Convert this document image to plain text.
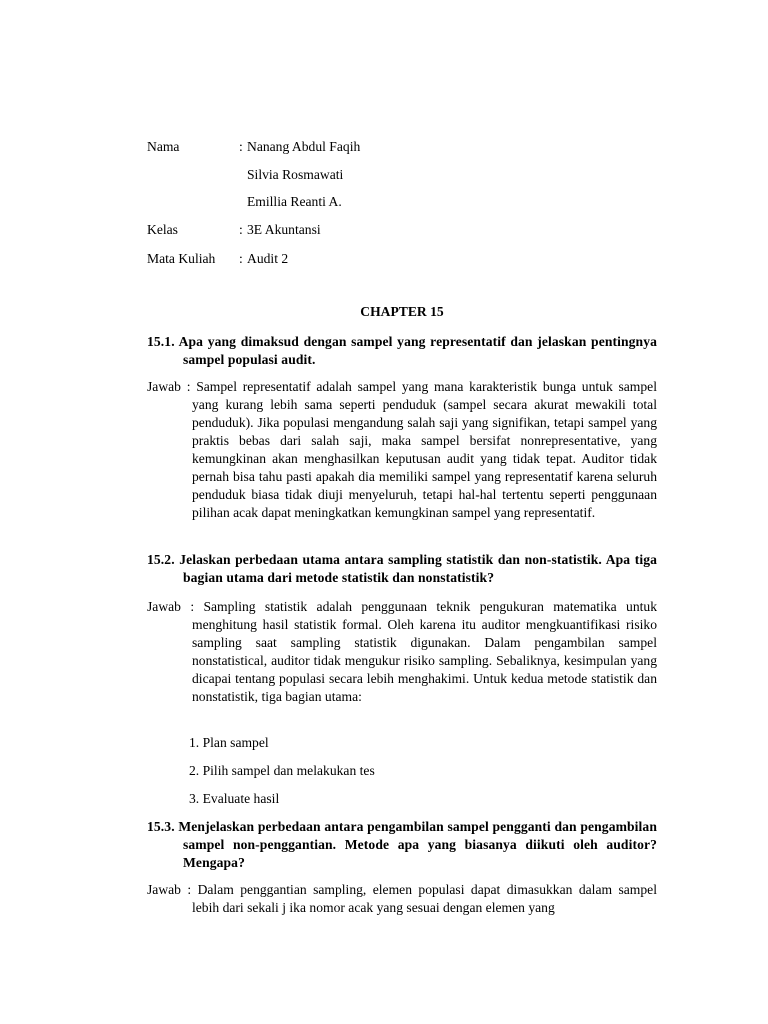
Nama	: Nanang Abdul Faqih
Silvia Rosmawati
Emillia Reanti A.
Kelas	: 3E Akuntansi
Mata Kuliah : Audit 2
CHAPTER 15
15.1. Apa yang dimaksud dengan sampel yang representatif dan jelaskan pentingnya sampel populasi audit.
Jawab : Sampel representatif adalah sampel yang mana karakteristik bunga untuk sampel yang kurang lebih sama seperti penduduk (sampel secara akurat mewakili total penduduk). Jika populasi mengandung salah saji yang signifikan, tetapi sampel yang praktis bebas dari salah saji, maka sampel bersifat nonrepresentative, yang kemungkinan akan menghasilkan keputusan audit yang tidak tepat. Auditor tidak pernah bisa tahu pasti apakah dia memiliki sampel yang representatif karena seluruh penduduk biasa tidak diuji menyeluruh, tetapi hal-hal tertentu seperti penggunaan pilihan acak dapat meningkatkan kemungkinan sampel yang representatif.
15.2. Jelaskan perbedaan utama antara sampling statistik dan non-statistik. Apa tiga bagian utama dari metode statistik dan nonstatistik?
Jawab : Sampling statistik adalah penggunaan teknik pengukuran matematika untuk menghitung hasil statistik formal. Oleh karena itu auditor mengkuantifikasi risiko sampling saat sampling statistik digunakan. Dalam pengambilan sampel nonstatistical, auditor tidak mengukur risiko sampling. Sebaliknya, kesimpulan yang dicapai tentang populasi secara lebih menghakimi. Untuk kedua metode statistik dan nonstatistik, tiga bagian utama:
1. Plan sampel
2. Pilih sampel dan melakukan tes
3. Evaluate hasil
15.3. Menjelaskan perbedaan antara pengambilan sampel pengganti dan pengambilan sampel non-penggantian. Metode apa yang biasanya diikuti oleh auditor? Mengapa?
Jawab : Dalam penggantian sampling, elemen populasi dapat dimasukkan dalam sampel lebih dari sekali j ika nomor acak yang sesuai dengan elemen yang
